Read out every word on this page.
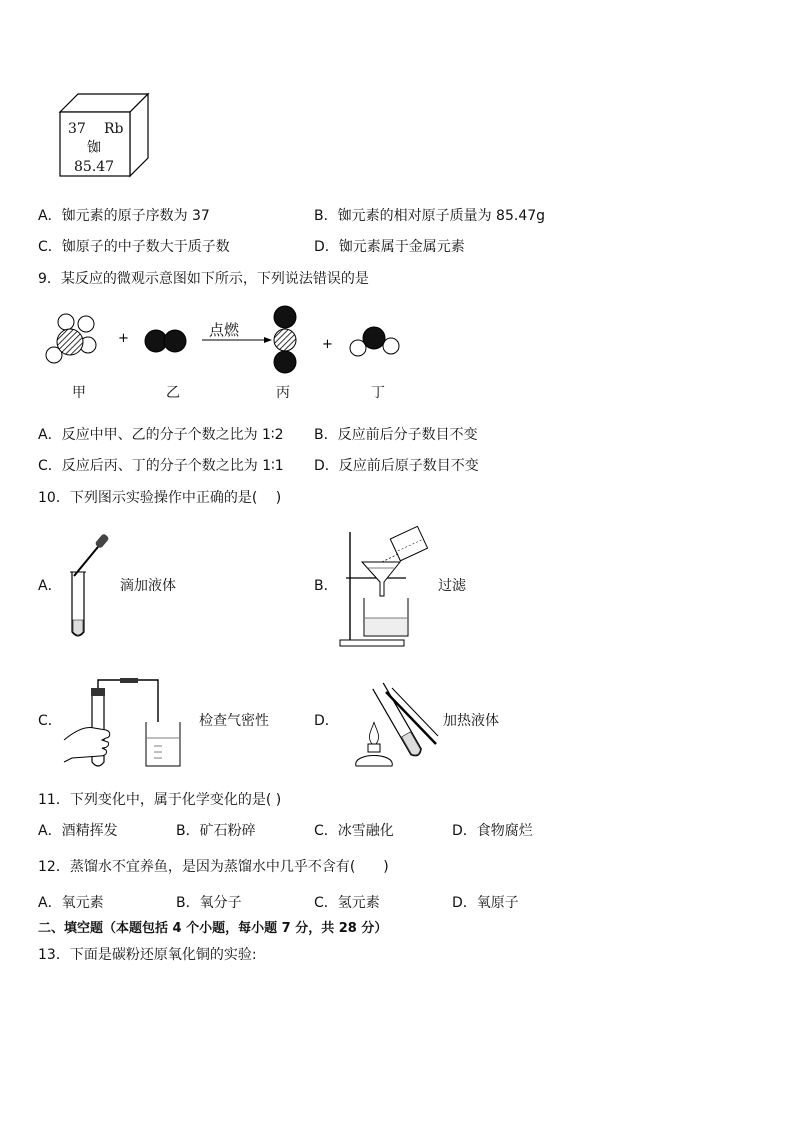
37 Rb
铷
85.47
A．铷元素的原子序数为 37	B．铷元素的相对原子质量为 85.47g
C．铷原子的中子数大于质子数	D．铷元素属于金属元素
9．某反应的微观示意图如下所示，下列说法错误的是
+	+
点燃
甲	乙	丙	丁
A．反应中甲、乙的分子个数之比为 1∶2 B．反应前后分子数目不变
C．反应后丙、丁的分子个数之比为 1∶1 D．反应前后原子数目不变
10．下列图示实验操作中正确的是(　 )
A．	滴加液体	B．	过滤
C．	检查气密性	D．	加热液体
11．下列变化中，属于化学变化的是( )
A．酒精挥发	B．矿石粉碎	C．冰雪融化	D．食物腐烂
12．蒸馏水不宜养鱼，是因为蒸馏水中几乎不含有(　　)
A．氧元素	B．氧分子	C．氢元素	D．氧原子
二、填空题（本题包括 4 个小题，每小题 7 分，共 28 分）
13．下面是碳粉还原氧化铜的实验:
